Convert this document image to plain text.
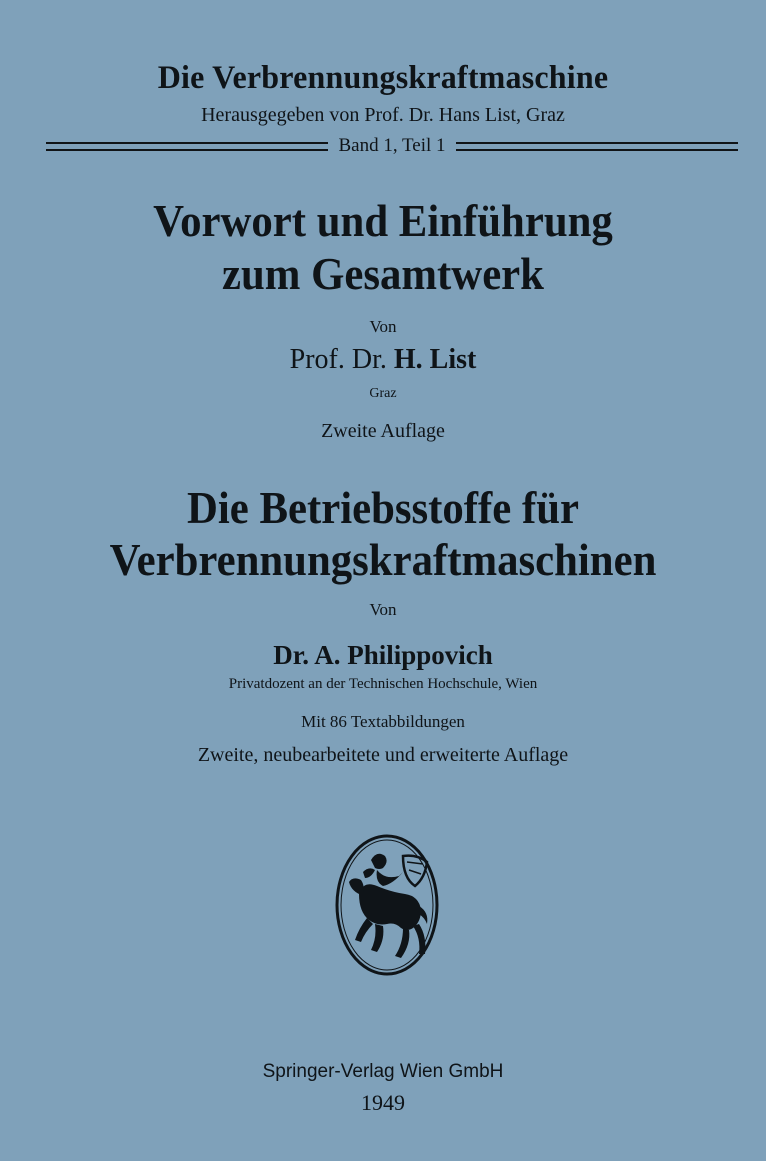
Die Verbrennungskraftmaschine
Herausgegeben von Prof. Dr. Hans List, Graz
Band 1, Teil 1
Vorwort und Einführung
zum Gesamtwerk
Von
Prof. Dr. H. List
Graz
Zweite Auflage
Die Betriebsstoffe für
Verbrennungskraftmaschinen
Von
Dr. A. Philippovich
Privatdozent an der Technischen Hochschule, Wien
Mit 86 Textabbildungen
Zweite, neubearbeitete und erweiterte Auflage
Springer-Verlag Wien GmbH
1949
